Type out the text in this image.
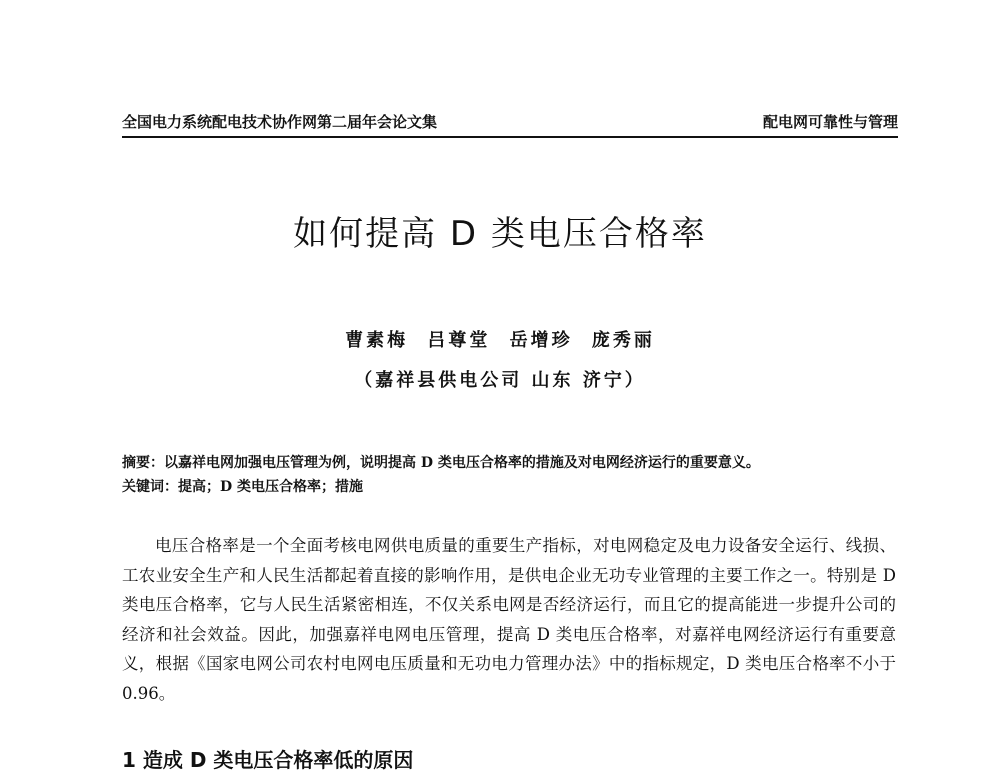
全国电力系统配电技术协作网第二届年会论文集	配电网可靠性与管理
如何提高 D 类电压合格率
曹素梅 吕尊堂 岳增珍 庞秀丽
（嘉祥县供电公司 山东 济宁）
摘要：以嘉祥电网加强电压管理为例，说明提高 D 类电压合格率的措施及对电网经济运行的重要意义。
关键词：提高；D 类电压合格率；措施

电压合格率是一个全面考核电网供电质量的重要生产指标，对电网稳定及电力设备安全运行、线损、工农业安全生产和人民生活都起着直接的影响作用，是供电企业无功专业管理的主要工作之一。特别是 D 类电压合格率，它与人民生活紧密相连，不仅关系电网是否经济运行，而且它的提高能进一步提升公司的经济和社会效益。因此，加强嘉祥电网电压管理，提高 D 类电压合格率，对嘉祥电网经济运行有重要意义，根据《国家电网公司农村电网电压质量和无功电力管理办法》中的指标规定，D 类电压合格率不小于 0.96。

1 造成 D 类电压合格率低的原因
